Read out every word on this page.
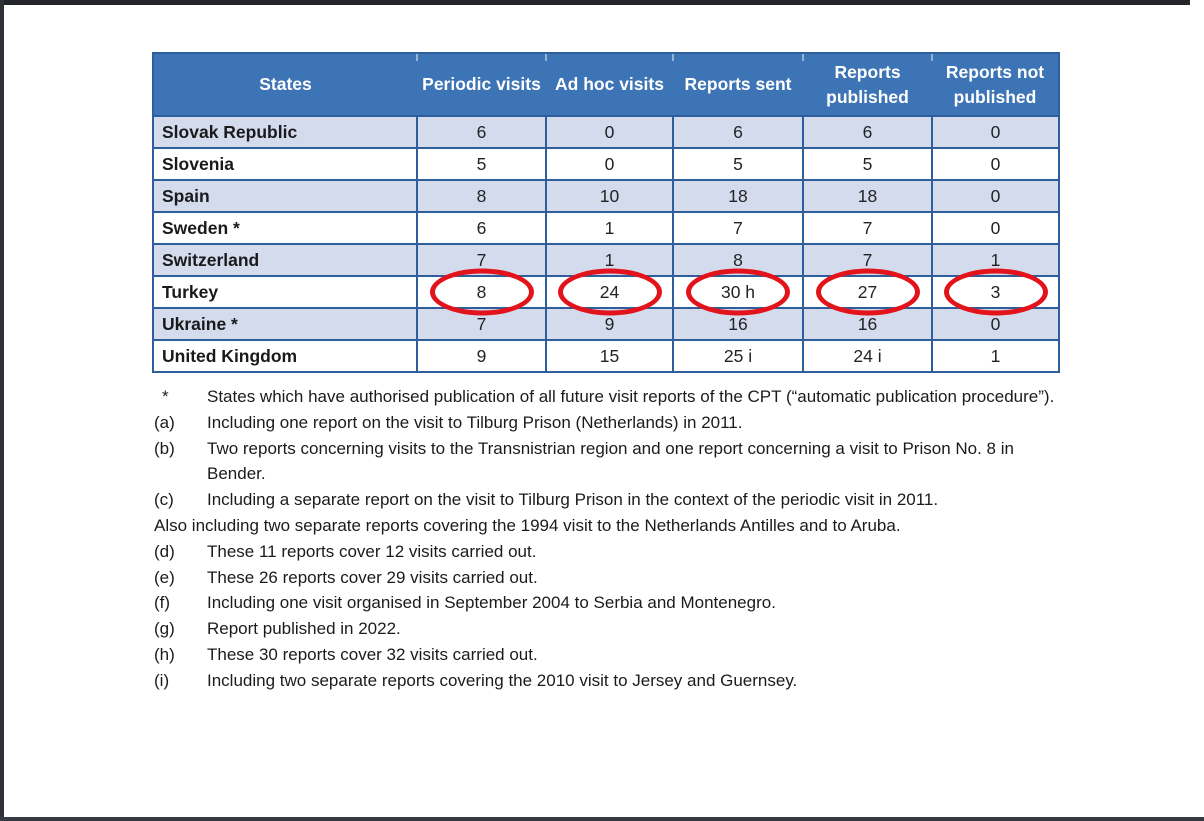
States	Periodic visits	Ad hoc visits	Reports sent	Reports published	Reports not published
Slovak Republic	6	0	6	6	0
Slovenia	5	0	5	5	0
Spain	8	10	18	18	0
Sweden *	6	1	7	7	0
Switzerland	7	1	8	7	1
Turkey	8	24	30 h	27	3

Ukraine *	7	9	16	16	0
United Kingdom	9	15	25 i	24 i	1
*	States which have authorised publication of all future visit reports of the CPT (“automatic publication procedure”).
(a)	Including one report on the visit to Tilburg Prison (Netherlands) in 2011.
(b)	Two reports concerning visits to the Transnistrian region and one report concerning a visit to Prison No. 8 in Bender.
(c)	Including a separate report on the visit to Tilburg Prison in the context of the periodic visit in 2011.
Also including two separate reports covering the 1994 visit to the Netherlands Antilles and to Aruba.
(d)	These 11 reports cover 12 visits carried out.
(e)	These 26 reports cover 29 visits carried out.
(f)	Including one visit organised in September 2004 to Serbia and Montenegro.
(g)	Report published in 2022.
(h)	These 30 reports cover 32 visits carried out.
(i)	Including two separate reports covering the 2010 visit to Jersey and Guernsey.
